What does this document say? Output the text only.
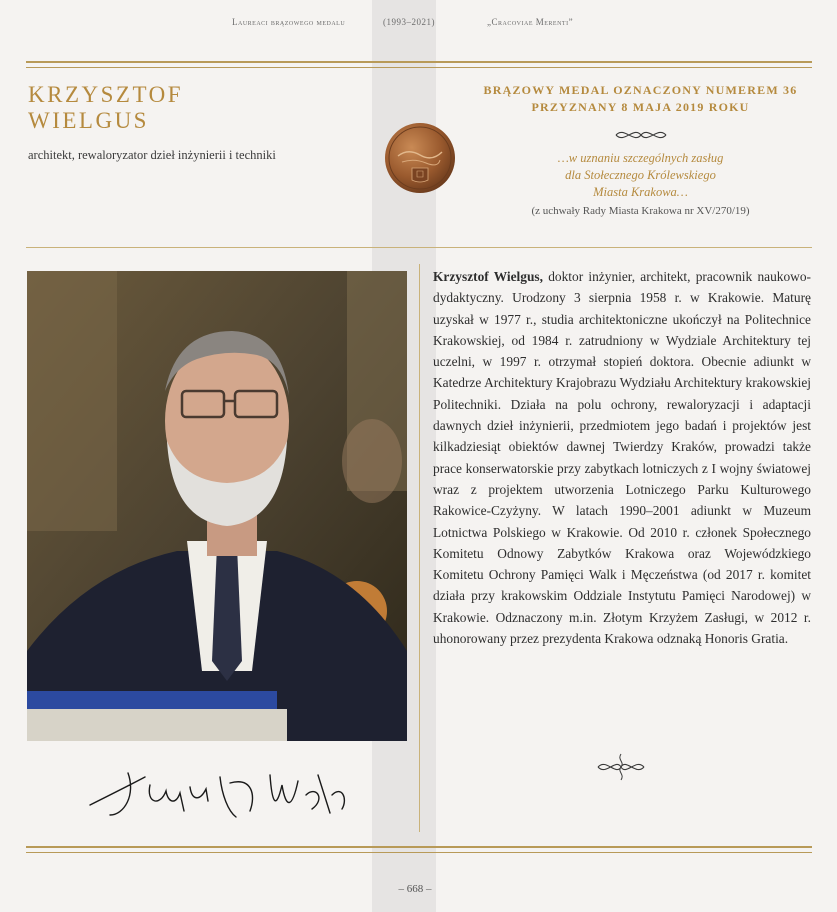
Laureaci brązowego medalu	(1993–2021)	„Cracoviae Merenti”
KRZYSZTOF
WIELGUS
architekt, rewaloryzator dzieł inżynierii i techniki
BRĄZOWY MEDAL OZNACZONY NUMEREM 36
PRZYZNANY 8 MAJA 2019 ROKU
…w uznaniu szczególnych zasług
dla Stołecznego Królewskiego
Miasta Krakowa…
(z uchwały Rady Miasta Krakowa nr XV/270/19)

Krzysztof Wielgus, doktor inżynier, architekt, pracownik naukowo-dydaktyczny. Urodzony 3 sierpnia 1958 r. w Krakowie. Maturę uzyskał w 1977 r., studia architektoniczne ukończył na Politechnice Krakowskiej, od 1984 r. zatrudniony w Wydziale Architektury tej uczelni, w 1997 r. otrzymał stopień doktora. Obecnie adiunkt w Katedrze Architektury Krajobrazu Wydziału Architektury krakowskiej Politechniki. Działa na polu ochrony, rewaloryzacji i adaptacji dawnych dzieł inżynierii, przedmiotem jego badań i projektów jest kilkadziesiąt obiektów dawnej Twierdzy Kraków, prowadzi także prace konserwatorskie przy zabytkach lotniczych z I wojny światowej wraz z projektem utworzenia Lotniczego Parku Kulturowego Rakowice-Czyżyny. W latach 1990–2001 adiunkt w Muzeum Lotnictwa Polskiego w Krakowie. Od 2010 r. członek Społecznego Komitetu Odnowy Zabytków Krakowa oraz Wojewódzkiego Komitetu Ochrony Pamięci Walk i Męczeństwa (od 2017 r. komitet działa przy krakowskim Oddziale Instytutu Pamięci Narodowej) w Krakowie. Odznaczony m.in. Złotym Krzyżem Zasługi, w 2012 r. uhonorowany przez prezydenta Krakowa odznaką Honoris Gratia.

– 668 –
